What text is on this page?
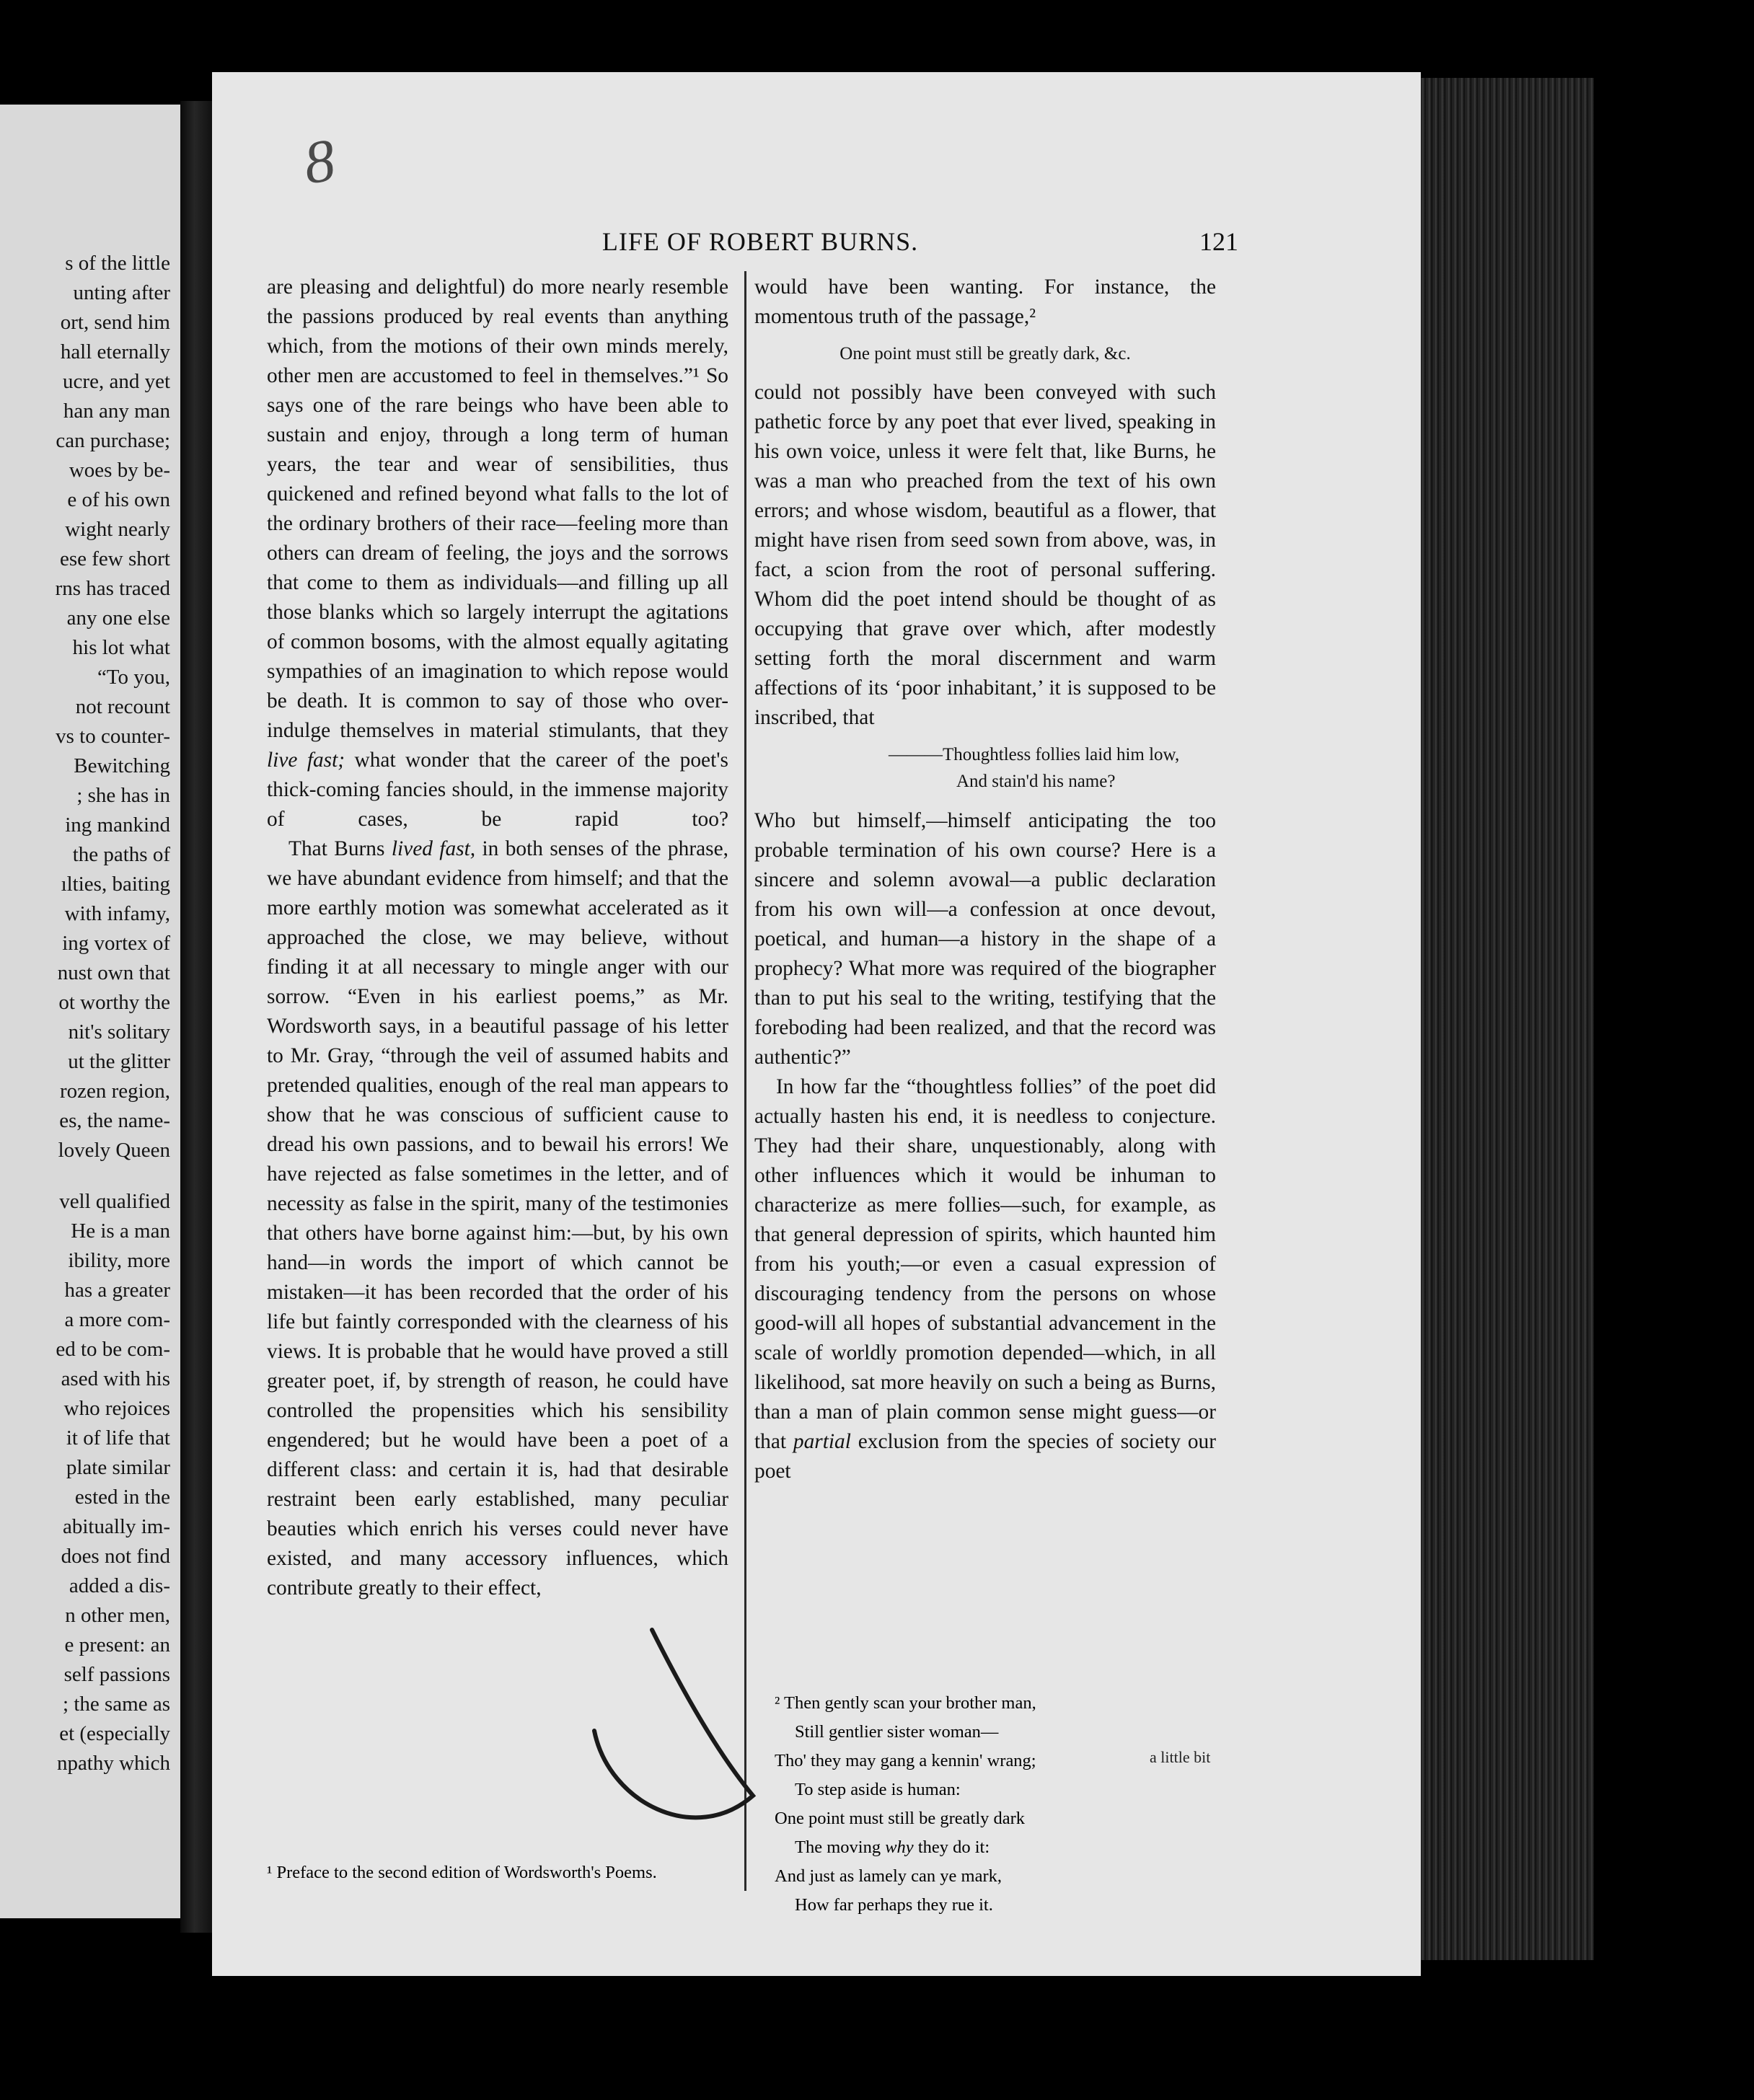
s of the little
unting after
ort, send him
hall eternally
ucre, and yet
han any man
can purchase;
woes by be-
e of his own
wight nearly
ese few short
rns has traced
any one else
his lot what
“To you,
not recount
vs to counter-
Bewitching
; she has in
ing mankind
the paths of
ılties, baiting
with infamy,
ing vortex of
nust own that
ot worthy the
nit's solitary
ut the glitter
rozen region,
es, the name-
lovely Queen
vell qualified
He is a man
ibility, more
has a greater
a more com-
ed to be com-
ased with his
who rejoices
it of life that
plate similar
ested in the
abitually im-
does not find
added a dis-
n other men,
e present: an
self passions
; the same as
et (especially
npathy which
8
LIFE OF ROBERT BURNS.	121

are pleasing and delightful) do more nearly resemble the passions produced by real events than anything which, from the motions of their own minds merely, other men are accustomed to feel in themselves.”¹ So says one of the rare beings who have been able to sustain and enjoy, through a long term of human years, the tear and wear of sensibilities, thus quickened and refined beyond what falls to the lot of the ordinary brothers of their race—feeling more than others can dream of feeling, the joys and the sorrows that come to them as individuals—and filling up all those blanks which so largely interrupt the agitations of common bosoms, with the almost equally agitating sympathies of an imagination to which repose would be death. It is common to say of those who over-indulge themselves in material stimulants, that they live fast; what wonder that the career of the poet's thick-coming fancies should, in the immense majority of cases, be rapid too?

That Burns lived fast, in both senses of the phrase, we have abundant evidence from himself; and that the more earthly motion was somewhat accelerated as it approached the close, we may believe, without finding it at all necessary to mingle anger with our sorrow. “Even in his earliest poems,” as Mr. Wordsworth says, in a beautiful passage of his letter to Mr. Gray, “through the veil of assumed habits and pretended qualities, enough of the real man appears to show that he was conscious of sufficient cause to dread his own passions, and to bewail his errors! We have rejected as false sometimes in the letter, and of necessity as false in the spirit, many of the testimonies that others have borne against him:—but, by his own hand—in words the import of which cannot be mistaken—it has been recorded that the order of his life but faintly corresponded with the clearness of his views. It is probable that he would have proved a still greater poet, if, by strength of reason, he could have controlled the propensities which his sensibility engendered; but he would have been a poet of a different class: and certain it is, had that desirable restraint been early established, many peculiar beauties which enrich his verses could never have existed, and many accessory influences, which contribute greatly to their effect,

would have been wanting. For instance, the momentous truth of the passage,²

One point must still be greatly dark, &c.

could not possibly have been conveyed with such pathetic force by any poet that ever lived, speaking in his own voice, unless it were felt that, like Burns, he was a man who preached from the text of his own errors; and whose wisdom, beautiful as a flower, that might have risen from seed sown from above, was, in fact, a scion from the root of personal suffering. Whom did the poet intend should be thought of as occupying that grave over which, after modestly setting forth the moral discernment and warm affections of its ‘poor inhabitant,’ it is supposed to be inscribed, that

———Thoughtless follies laid him low,
And stain'd his name?

Who but himself,—himself anticipating the too probable termination of his own course? Here is a sincere and solemn avowal—a public declaration from his own will—a confession at once devout, poetical, and human—a history in the shape of a prophecy? What more was required of the biographer than to put his seal to the writing, testifying that the foreboding had been realized, and that the record was authentic?”

In how far the “thoughtless follies” of the poet did actually hasten his end, it is needless to conjecture. They had their share, unquestionably, along with other influences which it would be inhuman to characterize as mere follies—such, for example, as that general depression of spirits, which haunted him from his youth;—or even a casual expression of discouraging tendency from the persons on whose good-will all hopes of substantial advancement in the scale of worldly promotion depended—which, in all likelihood, sat more heavily on such a being as Burns, than a man of plain common sense might guess—or that partial exclusion from the species of society our poet

¹ Preface to the second edition of Wordsworth's Poems.
² Then gently scan your brother man,
Still gentlier sister woman—
Tho' they may gang a kennin' wrang;
To step aside is human:
One point must still be greatly dark
The moving why they do it:
And just as lamely can ye mark,
How far perhaps they rue it.
a little bit
